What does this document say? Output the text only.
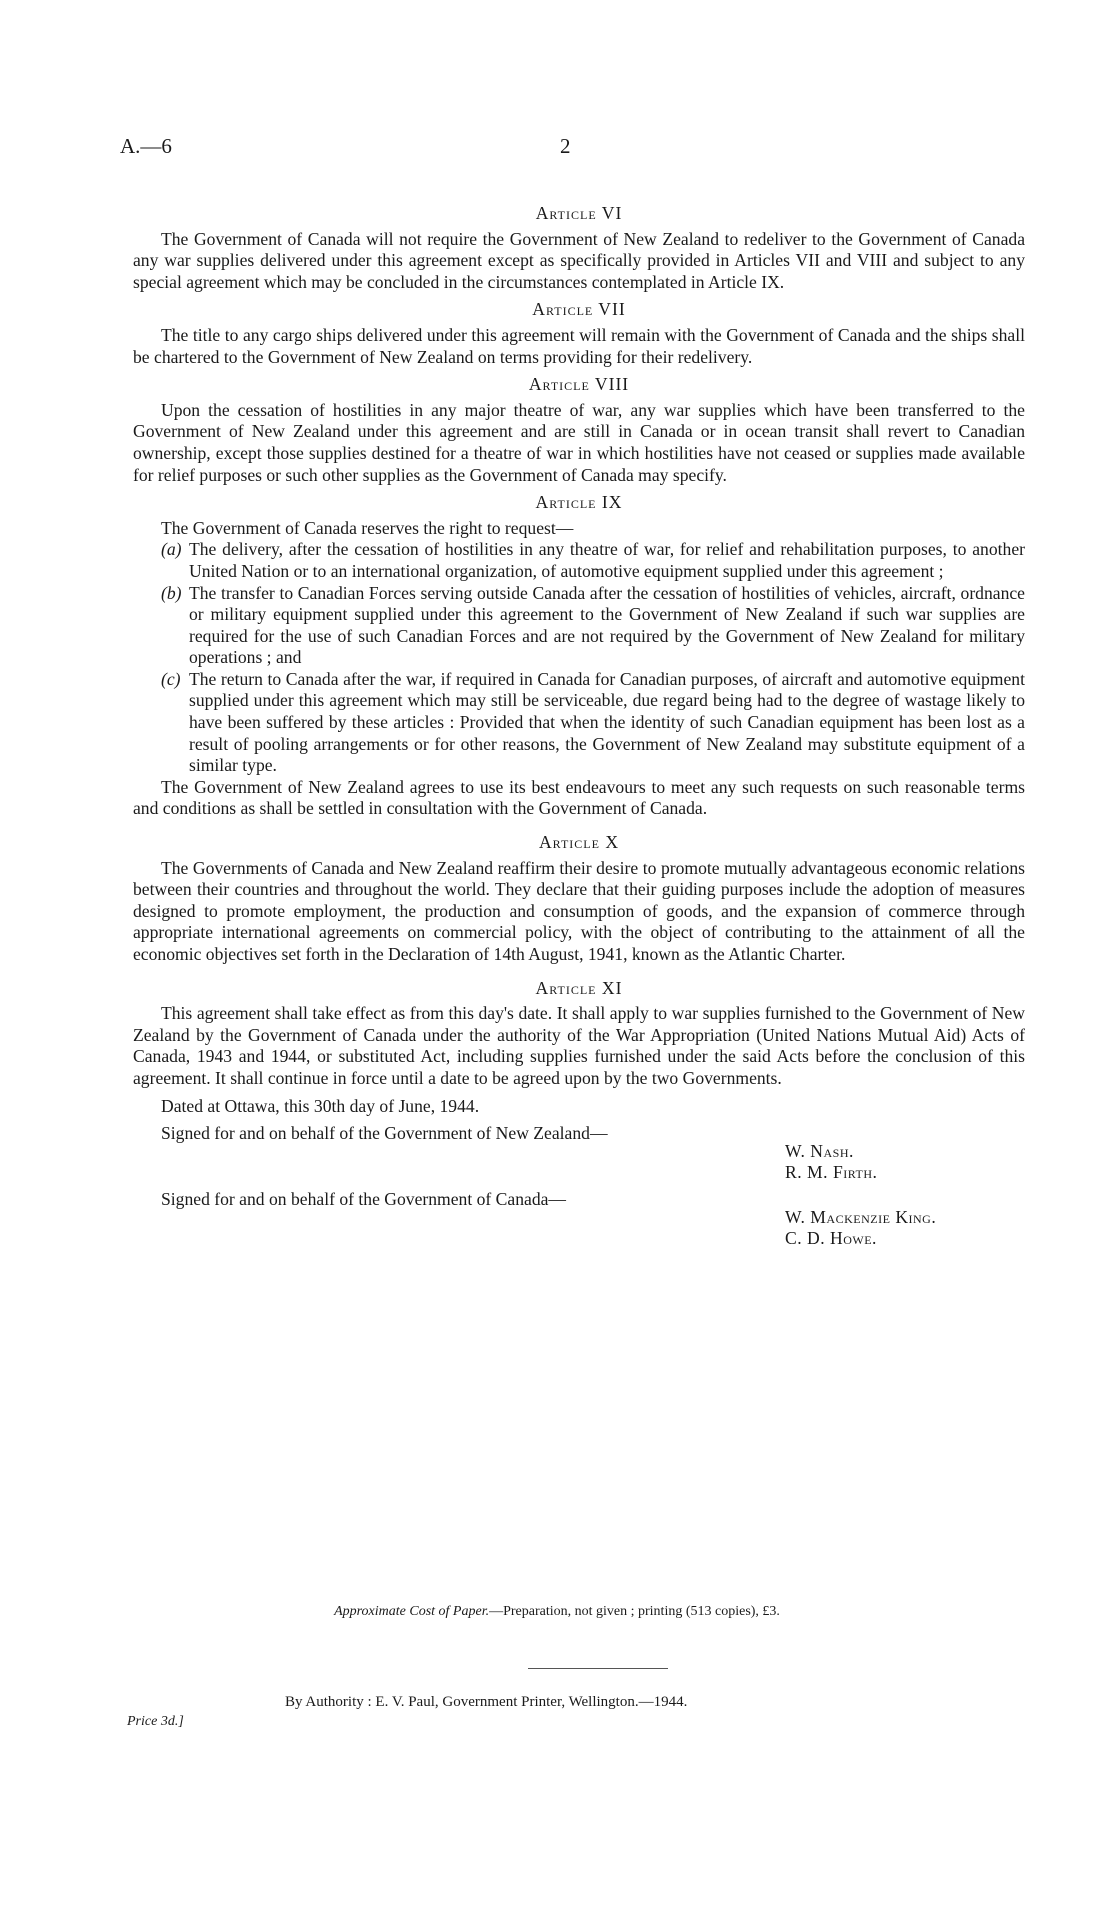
A.—6	2
Article VI

The Government of Canada will not require the Government of New Zealand to redeliver to the Government of Canada any war supplies delivered under this agreement except as specifically provided in Articles VII and VIII and subject to any special agreement which may be concluded in the circumstances contemplated in Article IX.

Article VII

The title to any cargo ships delivered under this agreement will remain with the Government of Canada and the ships shall be chartered to the Government of New Zealand on terms providing for their redelivery.

Article VIII

Upon the cessation of hostilities in any major theatre of war, any war supplies which have been transferred to the Government of New Zealand under this agreement and are still in Canada or in ocean transit shall revert to Canadian ownership, except those supplies destined for a theatre of war in which hostilities have not ceased or supplies made available for relief purposes or such other supplies as the Government of Canada may specify.

Article IX

The Government of Canada reserves the right to request—

(a) The delivery, after the cessation of hostilities in any theatre of war, for relief and rehabilitation purposes, to another United Nation or to an international organization, of automotive equipment supplied under this agreement ;
(b) The transfer to Canadian Forces serving outside Canada after the cessation of hostilities of vehicles, aircraft, ordnance or military equipment supplied under this agreement to the Government of New Zealand if such war supplies are required for the use of such Canadian Forces and are not required by the Government of New Zealand for military operations ; and
(c) The return to Canada after the war, if required in Canada for Canadian purposes, of aircraft and automotive equipment supplied under this agreement which may still be serviceable, due regard being had to the degree of wastage likely to have been suffered by these articles : Provided that when the identity of such Canadian equipment has been lost as a result of pooling arrangements or for other reasons, the Government of New Zealand may substitute equipment of a similar type.

The Government of New Zealand agrees to use its best endeavours to meet any such requests on such reasonable terms and conditions as shall be settled in consultation with the Government of Canada.

Article X

The Governments of Canada and New Zealand reaffirm their desire to promote mutually advantageous economic relations between their countries and throughout the world. They declare that their guiding purposes include the adoption of measures designed to promote employment, the production and consumption of goods, and the expansion of commerce through appropriate international agreements on commercial policy, with the object of contributing to the attainment of all the economic objectives set forth in the Declaration of 14th August, 1941, known as the Atlantic Charter.

Article XI

This agreement shall take effect as from this day's date. It shall apply to war supplies furnished to the Government of New Zealand by the Government of Canada under the authority of the War Appropriation (United Nations Mutual Aid) Acts of Canada, 1943 and 1944, or substituted Act, including supplies furnished under the said Acts before the conclusion of this agreement. It shall continue in force until a date to be agreed upon by the two Governments.

Dated at Ottawa, this 30th day of June, 1944.
Signed for and on behalf of the Government of New Zealand—
W. Nash.
R. M. Firth.
Signed for and on behalf of the Government of Canada—
W. Mackenzie King.
C. D. Howe.
Approximate Cost of Paper.—Preparation, not given ; printing (513 copies), £3.
By Authority : E. V. Paul, Government Printer, Wellington.—1944.
Price 3d.]
